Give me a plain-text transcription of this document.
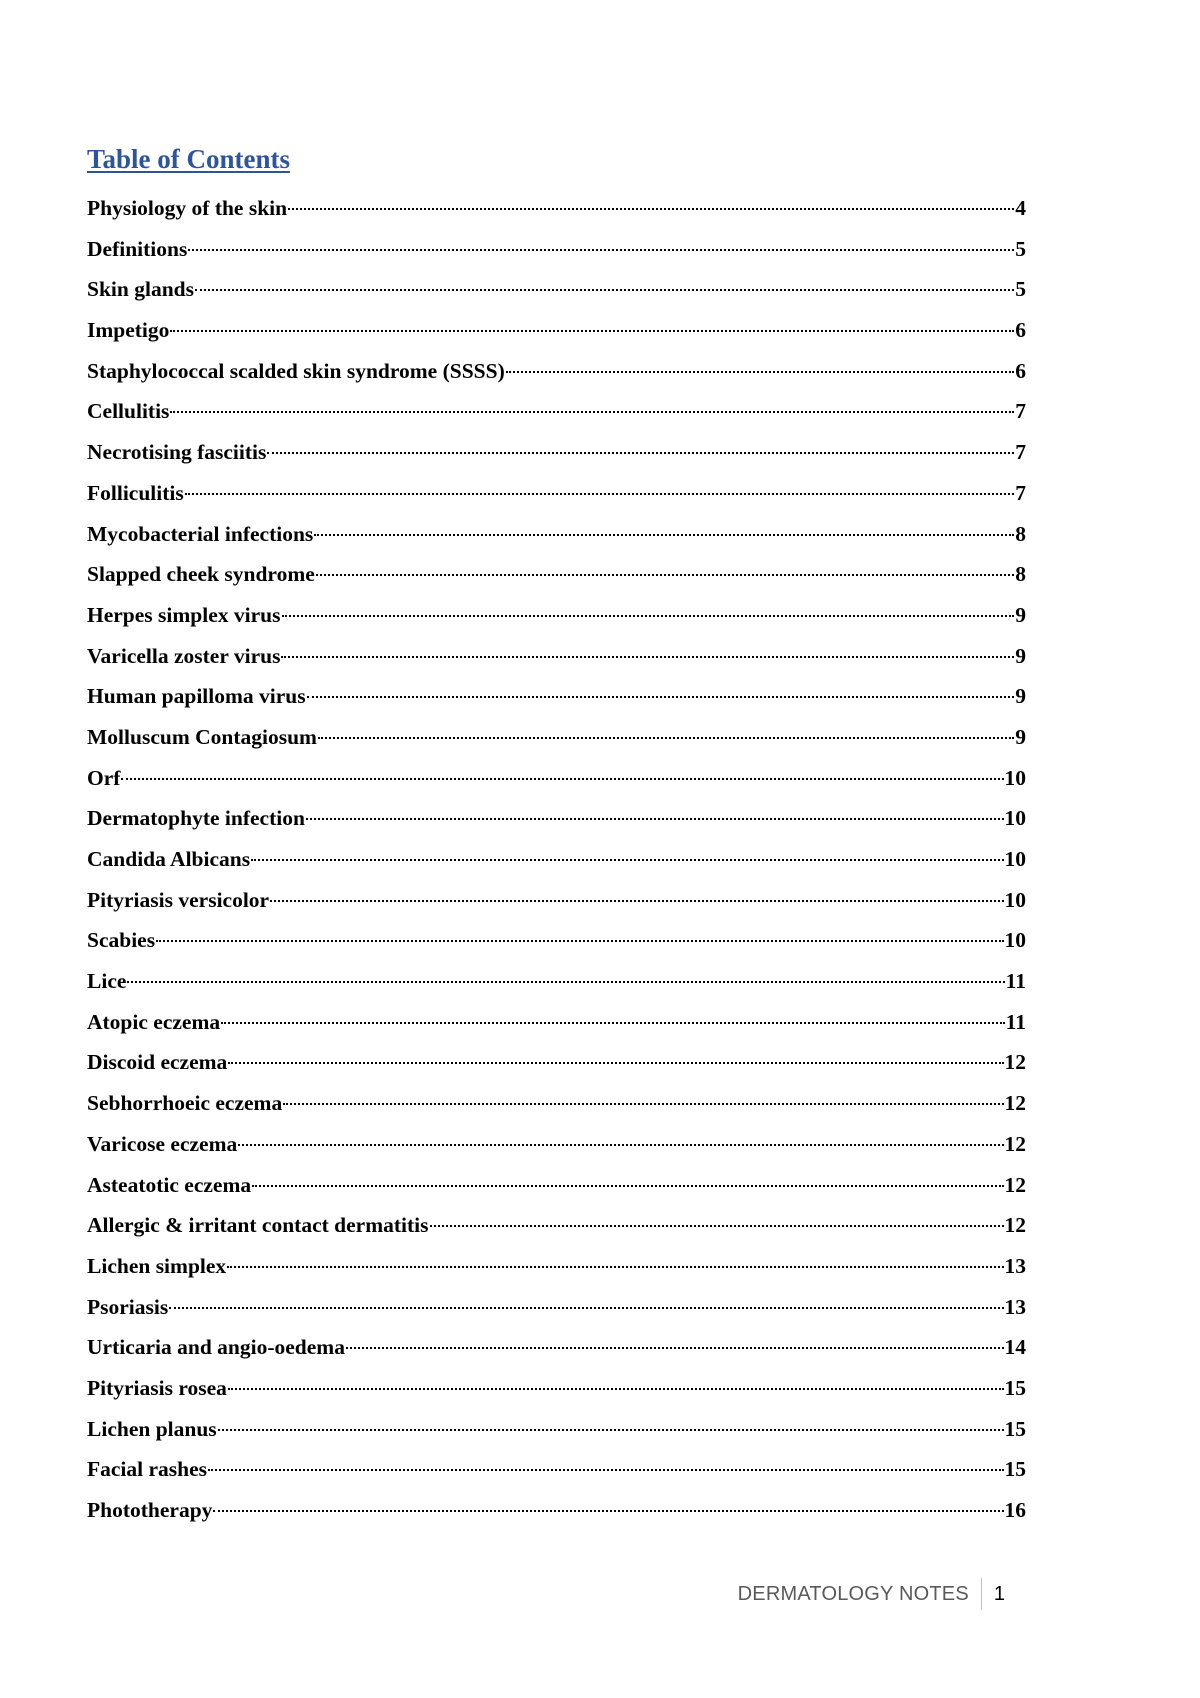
Table of Contents
Physiology of the skin	4
Definitions	5
Skin glands	5
Impetigo	6
Staphylococcal scalded skin syndrome (SSSS)	6
Cellulitis	7
Necrotising fasciitis	7
Folliculitis	7
Mycobacterial infections	8
Slapped cheek syndrome	8
Herpes simplex virus	9
Varicella zoster virus	9
Human papilloma virus	9
Molluscum Contagiosum	9
Orf	10
Dermatophyte infection	10
Candida Albicans	10
Pityriasis versicolor	10
Scabies	10
Lice	11
Atopic eczema	11
Discoid eczema	12
Sebhorrhoeic eczema	12
Varicose eczema	12
Asteatotic eczema	12
Allergic & irritant contact dermatitis	12
Lichen simplex	13
Psoriasis	13
Urticaria and angio-oedema	14
Pityriasis rosea	15
Lichen planus	15
Facial rashes	15
Phototherapy	16
DERMATOLOGY NOTES 1
